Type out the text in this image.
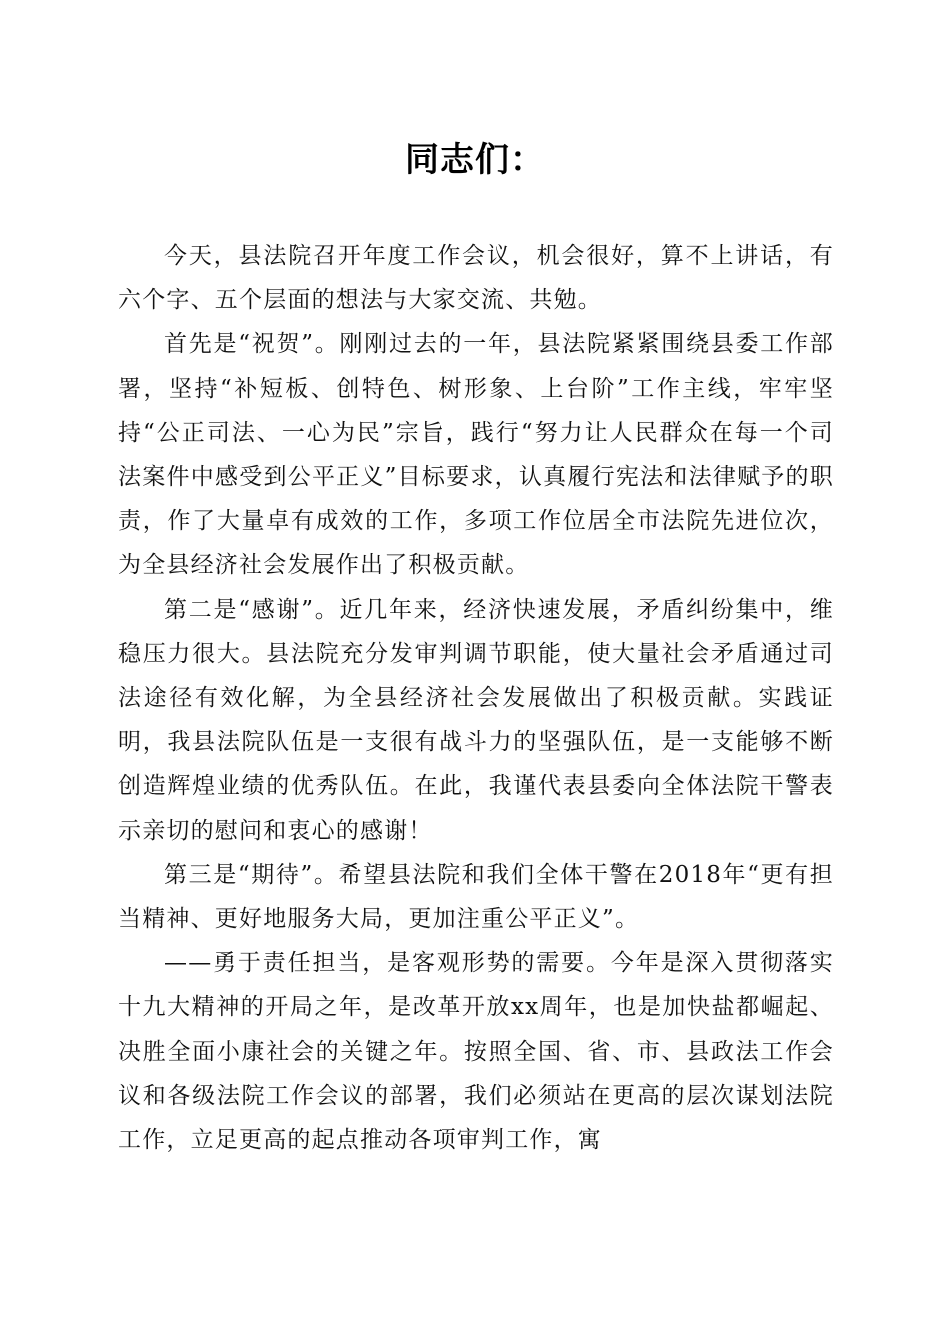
同志们：

今天，县法院召开年度工作会议，机会很好，算不上讲话，有六个字、五个层面的想法与大家交流、共勉。

首先是“祝贺”。刚刚过去的一年，县法院紧紧围绕县委工作部署，坚持“补短板、创特色、树形象、上台阶”工作主线，牢牢坚持“公正司法、一心为民”宗旨，践行“努力让人民群众在每一个司法案件中感受到公平正义”目标要求，认真履行宪法和法律赋予的职责，作了大量卓有成效的工作，多项工作位居全市法院先进位次，为全县经济社会发展作出了积极贡献。

第二是“感谢”。近几年来，经济快速发展，矛盾纠纷集中，维稳压力很大。县法院充分发审判调节职能，使大量社会矛盾通过司法途径有效化解，为全县经济社会发展做出了积极贡献。实践证明，我县法院队伍是一支很有战斗力的坚强队伍，是一支能够不断创造辉煌业绩的优秀队伍。在此，我谨代表县委向全体法院干警表示亲切的慰问和衷心的感谢！

第三是“期待”。希望县法院和我们全体干警在2018年“更有担当精神、更好地服务大局，更加注重公平正义”。

——勇于责任担当，是客观形势的需要。今年是深入贯彻落实十九大精神的开局之年，是改革开放xx周年，也是加快盐都崛起、决胜全面小康社会的关键之年。按照全国、省、市、县政法工作会议和各级法院工作会议的部署，我们必须站在更高的层次谋划法院工作，立足更高的起点推动各项审判工作，寓
